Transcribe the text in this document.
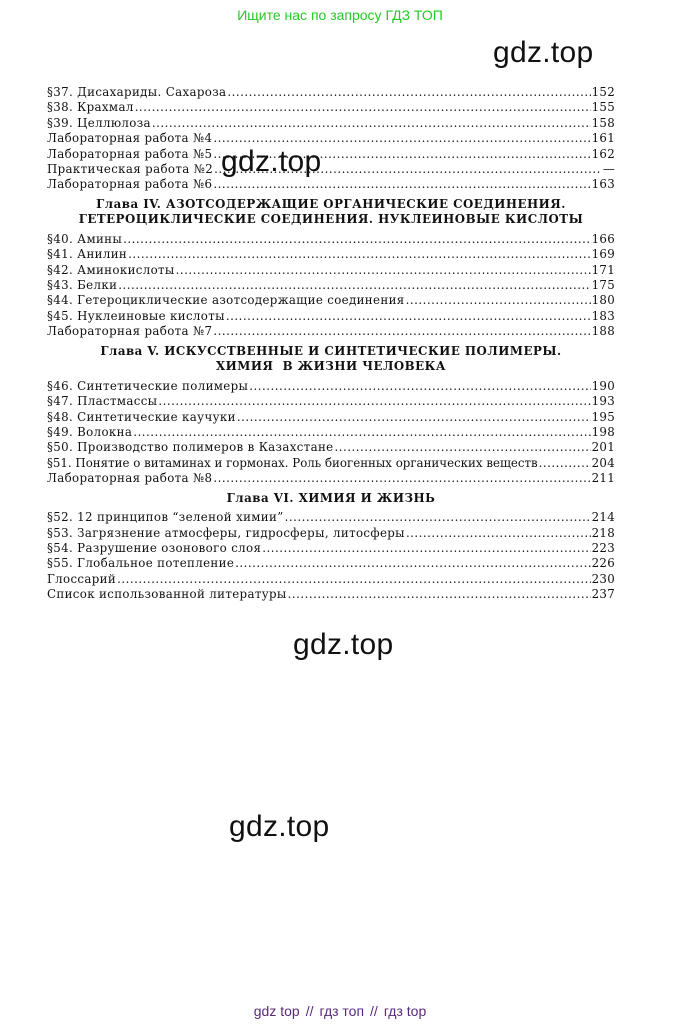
Ищите нас по запросу ГДЗ ТОП
gdz.top
gdz.top
gdz.top
gdz.top
§37. Дисахариды. Сахароза .....	152
§38. Крахмал .....	155
§39. Целлюлоза .....	158
Лабораторная работа №4 .....	161
Лабораторная работа №5 .....	162
Практическая работа №2 .....	—
Лабораторная работа №6 .....	163
Глава IV. АЗОТСОДЕРЖАЩИЕ ОРГАНИЧЕСКИЕ СОЕДИНЕНИЯ.
ГЕТЕРОЦИКЛИЧЕСКИЕ СОЕДИНЕНИЯ. НУКЛЕИНОВЫЕ КИСЛОТЫ
§40. Амины .....	166
§41. Анилин .....	169
§42. Аминокислоты .....	171
§43. Белки .....	175
§44. Гетероциклические азотсодержащие соединения .....	180
§45. Нуклеиновые кислоты .....	183
Лабораторная работа №7 .....	188
Глава V. ИСКУССТВЕННЫЕ И СИНТЕТИЧЕСКИЕ ПОЛИМЕРЫ.
ХИМИЯ  В ЖИЗНИ ЧЕЛОВЕКА
§46. Синтетические полимеры .....	190
§47. Пластмассы .....	193
§48. Синтетические каучуки .....	195
§49. Волокна .....	198
§50. Производство полимеров в Казахстане .....	201
§51. Понятие о витаминах и гормонах. Роль биогенных органических веществ .....	204
Лабораторная работа №8 .....	211
Глава VI. ХИМИЯ И ЖИЗНЬ
§52. 12 принципов “зеленой химии” .....	214
§53. Загрязнение атмосферы, гидросферы, литосферы .....	218
§54. Разрушение озонового слоя .....	223
§55. Глобальное потепление .....	226
Глоссарий .....	230
Список использованной литературы .....	237
gdz top // гдз топ // гдз top
